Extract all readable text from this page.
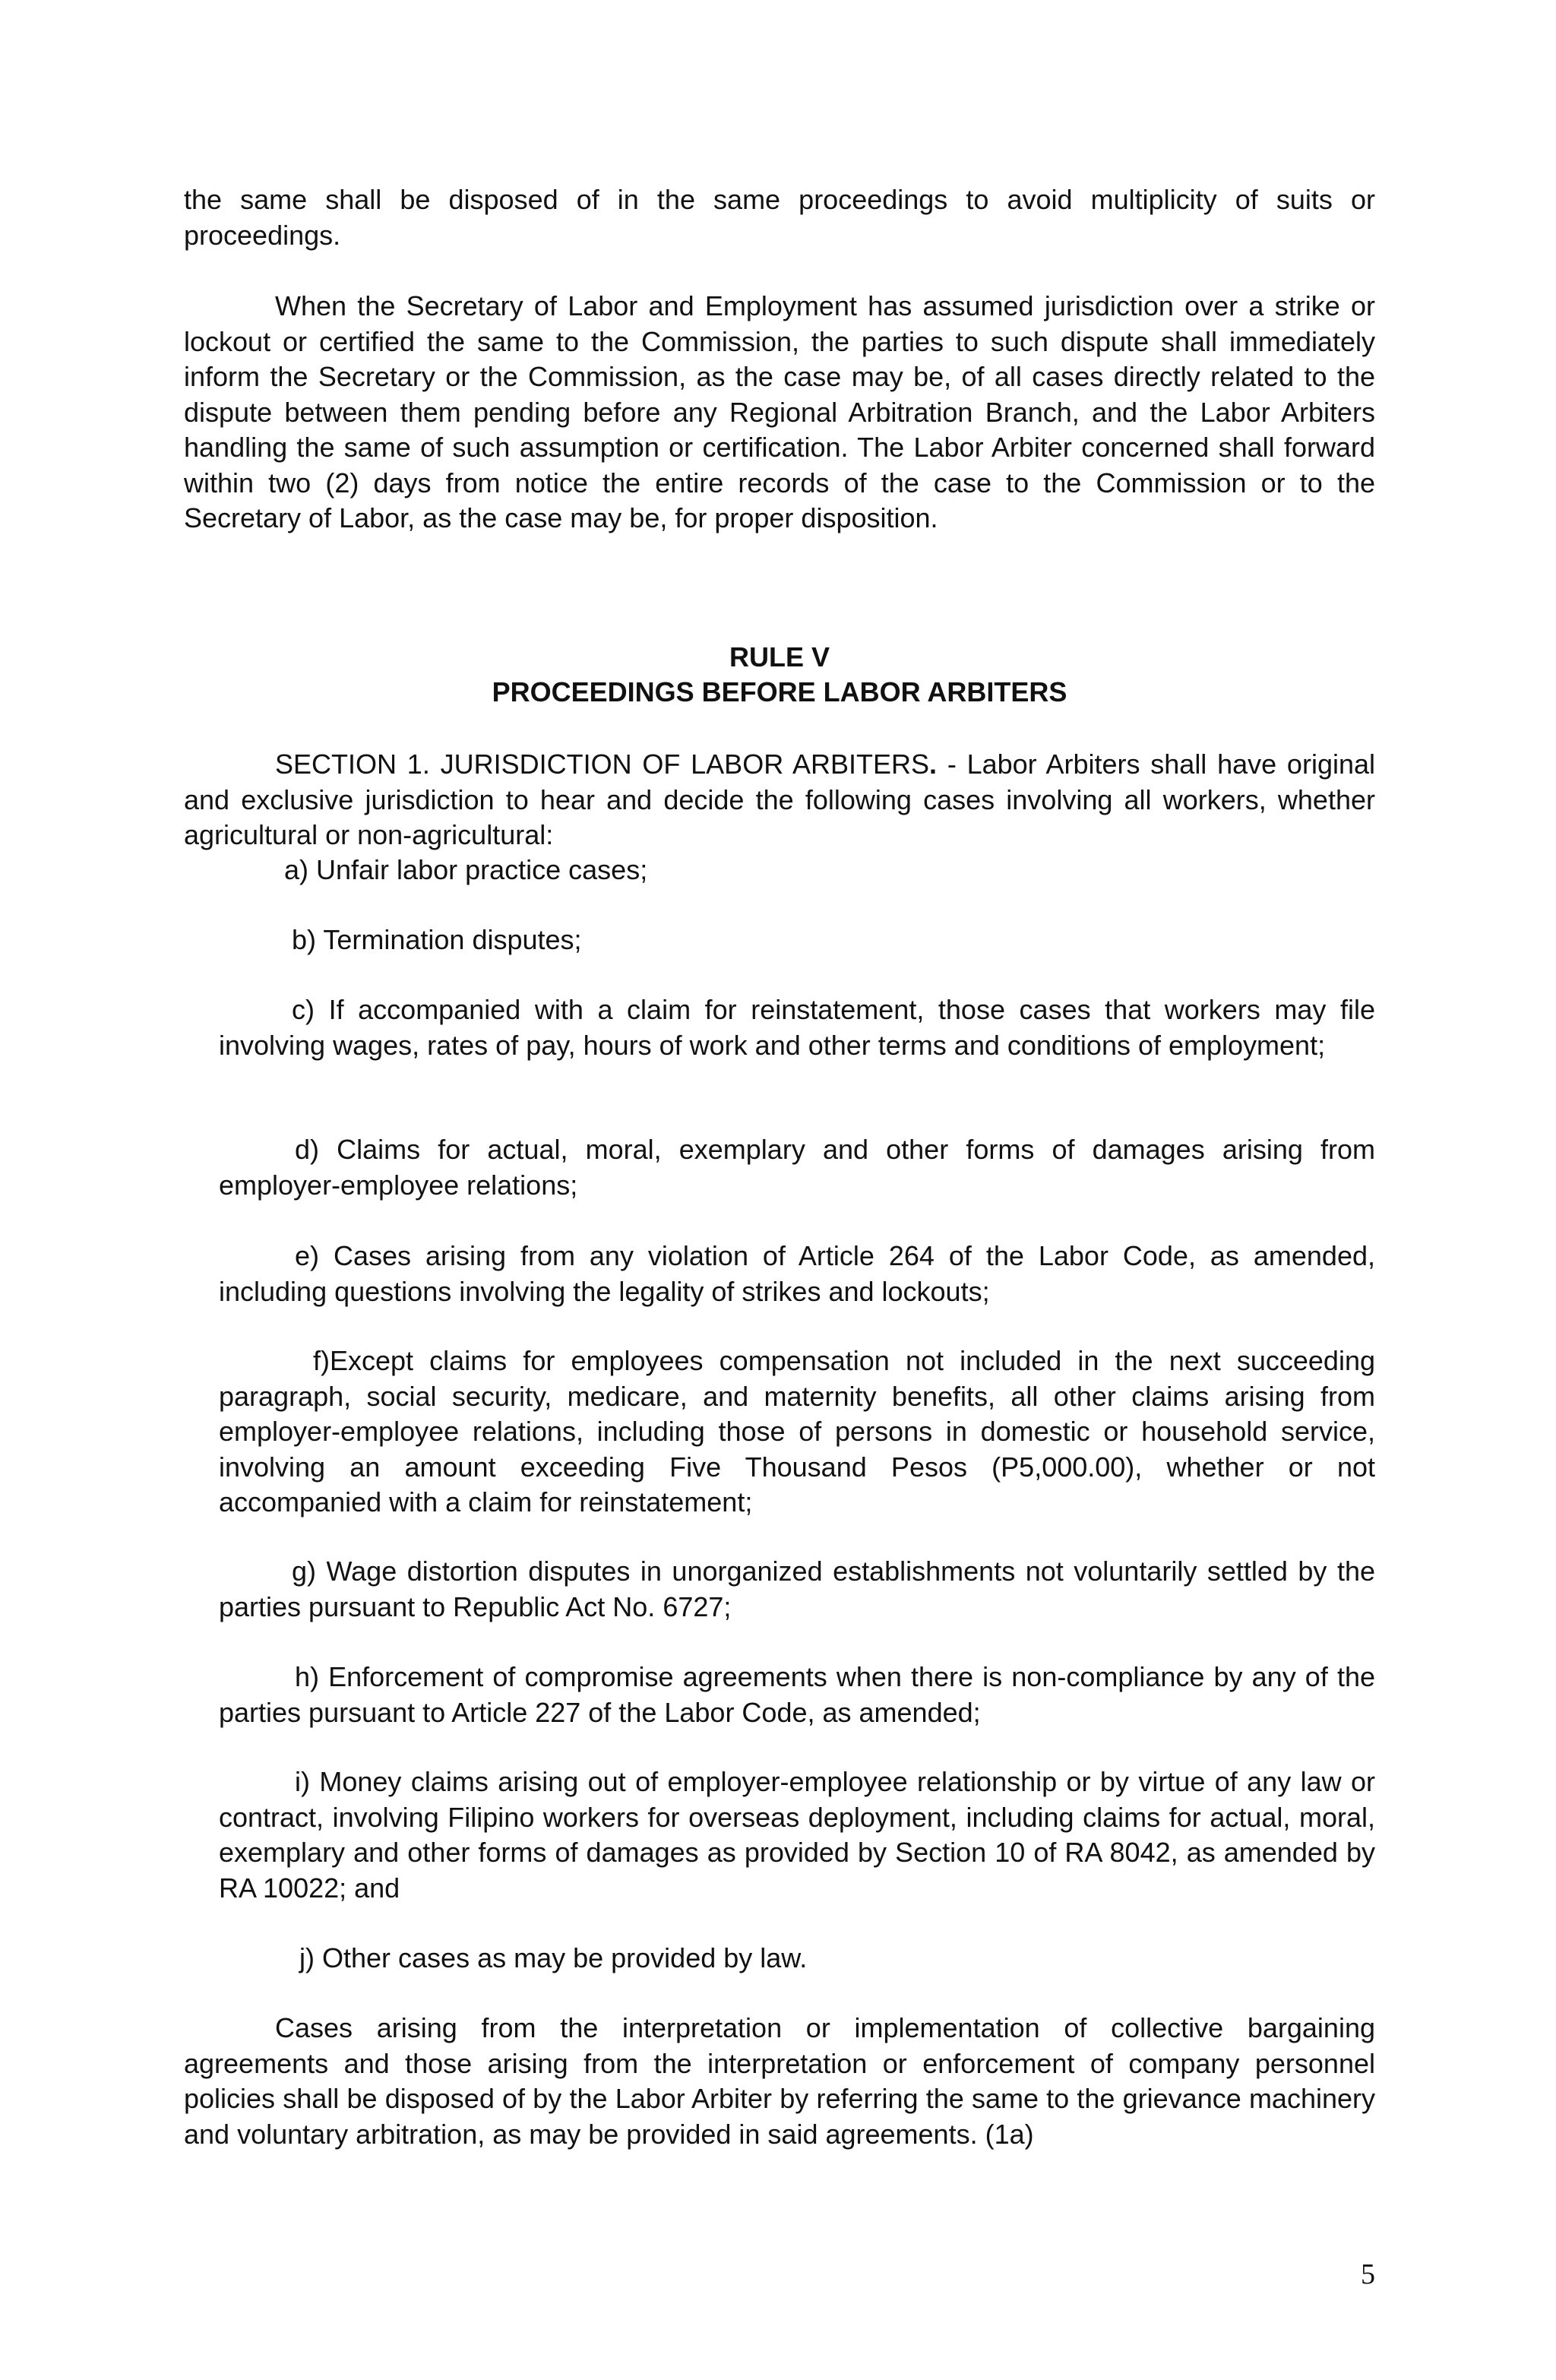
the same shall be disposed of in the same proceedings to avoid multiplicity of suits or proceedings.

When the Secretary of Labor and Employment has assumed jurisdiction over a strike or lockout or certified the same to the Commission, the parties to such dispute shall immediately inform the Secretary or the Commission, as the case may be, of all cases directly related to the dispute between them pending before any Regional Arbitration Branch, and the Labor Arbiters handling the same of such assumption or certification. The Labor Arbiter concerned shall forward within two (2) days from notice the entire records of the case to the Commission or to the Secretary of Labor, as the case may be, for proper disposition.

RULE V

PROCEEDINGS BEFORE LABOR ARBITERS

SECTION 1. JURISDICTION OF LABOR ARBITERS. - Labor Arbiters shall have original and exclusive jurisdiction to hear and decide the following cases involving all workers, whether agricultural or non-agricultural:

a) Unfair labor practice cases;

b) Termination disputes;

c) If accompanied with a claim for reinstatement, those cases that workers may file involving wages, rates of pay, hours of work and other terms and conditions of employment;

d) Claims for actual, moral, exemplary and other forms of damages arising from employer-employee relations;

e) Cases arising from any violation of Article 264 of the Labor Code, as amended, including questions involving the legality of strikes and lockouts;

f)Except claims for employees compensation not included in the next succeeding paragraph, social security, medicare, and maternity benefits, all other claims arising from employer-employee relations, including those of persons in domestic or household service, involving an amount exceeding Five Thousand Pesos (P5,000.00), whether or not accompanied with a claim for reinstatement;

g) Wage distortion disputes in unorganized establishments not voluntarily settled by the parties pursuant to Republic Act No. 6727;

h) Enforcement of compromise agreements when there is non-compliance by any of the parties pursuant to Article 227 of the Labor Code, as amended;

i) Money claims arising out of employer-employee relationship or by virtue of any law or contract, involving Filipino workers for overseas deployment, including claims for actual, moral, exemplary and other forms of damages as provided by Section 10 of RA 8042, as amended by RA 10022; and

j) Other cases as may be provided by law.

Cases arising from the interpretation or implementation of collective bargaining agreements and those arising from the interpretation or enforcement of company personnel policies shall be disposed of by the Labor Arbiter by referring the same to the grievance machinery and voluntary arbitration, as may be provided in said agreements. (1a)

5
